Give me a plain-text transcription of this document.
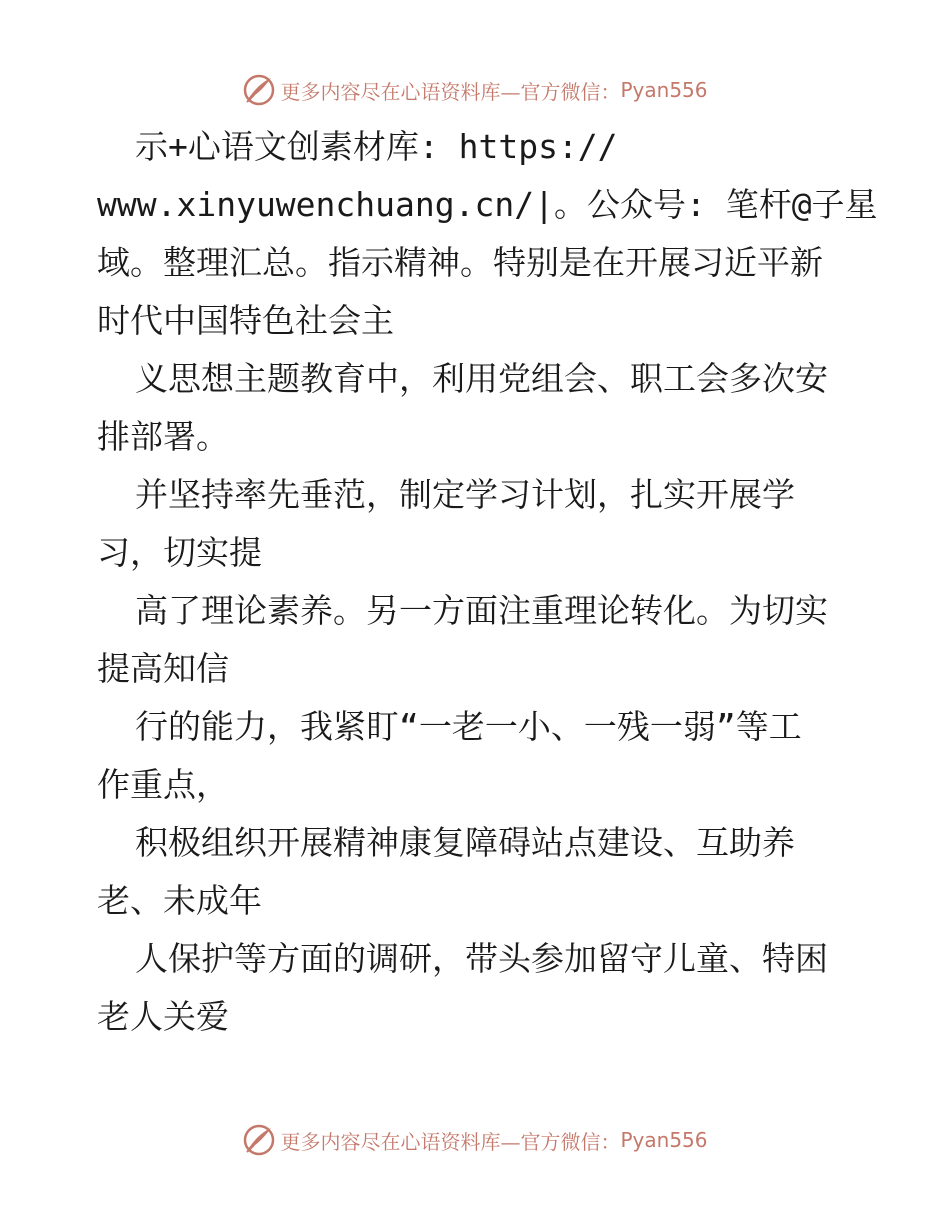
更多内容尽在心语资料库—官方微信： Pyan556
示+心语文创素材库: https://
www.xinyuwenchuang.cn/|。公众号: 笔杆@子星
域。整理汇总。指示精神。特别是在开展习近平新
时代中国特色社会主
义思想主题教育中，利用党组会、职工会多次安
排部署。
并坚持率先垂范，制定学习计划，扎实开展学
习，切实提
高了理论素养。另一方面注重理论转化。为切实
提高知信
行的能力，我紧盯“一老一小、一残一弱”等工
作重点，
积极组织开展精神康复障碍站点建设、互助养
老、未成年
人保护等方面的调研，带头参加留守儿童、特困
老人关爱
更多内容尽在心语资料库—官方微信： Pyan556
